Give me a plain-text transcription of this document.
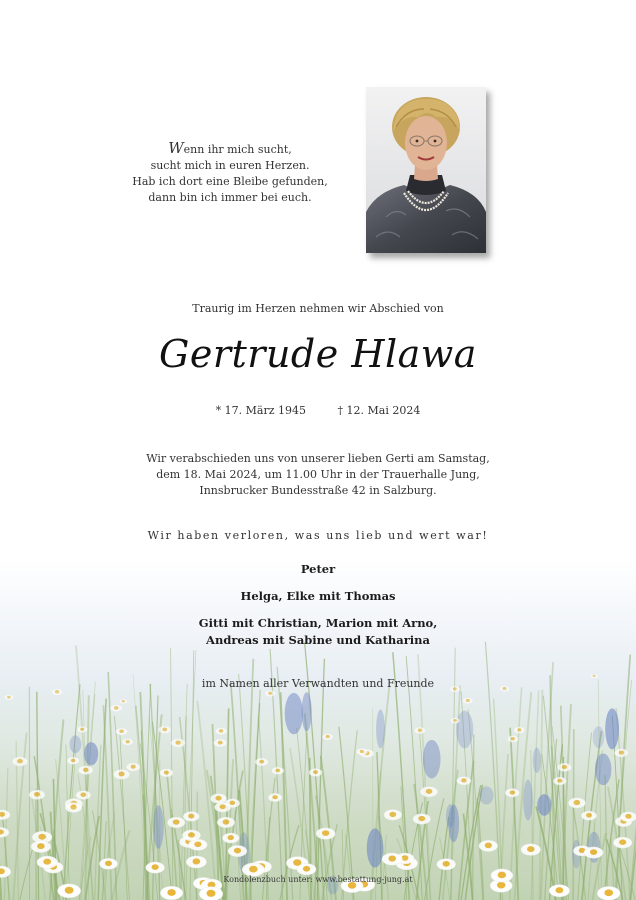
Wenn ihr mich sucht,
sucht mich in euren Herzen.
Hab ich dort eine Bleibe gefunden,
dann bin ich immer bei euch.
Traurig im Herzen nehmen wir Abschied von
Gertrude Hlawa
* 17. März 1945	† 12. Mai 2024
Wir verabschieden uns von unserer lieben Gerti am Samstag,
dem 18. Mai 2024, um 11.00 Uhr in der Trauerhalle Jung,
Innsbrucker Bundesstraße 42 in Salzburg.
Wir haben verloren, was uns lieb und wert war!
Peter
Helga, Elke mit Thomas
Gitti mit Christian, Marion mit Arno,
Andreas mit Sabine und Katharina
im Namen aller Verwandten und Freunde
Kondolenzbuch unter: www.bestattung-jung.at
